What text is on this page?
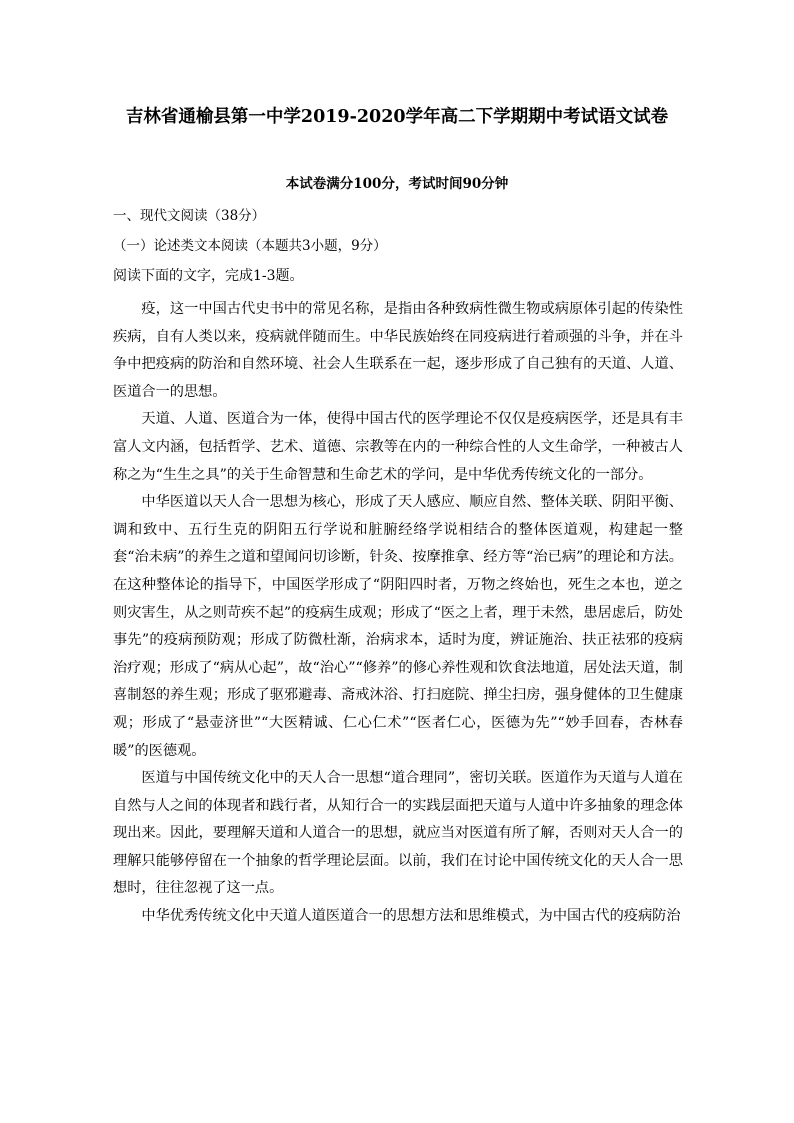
吉林省通榆县第一中学2019-2020学年高二下学期期中考试语文试卷
本试卷满分100分，考试时间90分钟
一、现代文阅读（38分）
（一）论述类文本阅读（本题共3小题，9分）
阅读下面的文字，完成1-3题。

疫，这一中国古代史书中的常见名称，是指由各种致病性微生物或病原体引起的传染性疾病，自有人类以来，疫病就伴随而生。中华民族始终在同疫病进行着顽强的斗争，并在斗争中把疫病的防治和自然环境、社会人生联系在一起，逐步形成了自己独有的天道、人道、医道合一的思想。

天道、人道、医道合为一体，使得中国古代的医学理论不仅仅是疫病医学，还是具有丰富人文内涵，包括哲学、艺术、道德、宗教等在内的一种综合性的人文生命学，一种被古人称之为“生生之具”的关于生命智慧和生命艺术的学问，是中华优秀传统文化的一部分。

中华医道以天人合一思想为核心，形成了天人感应、顺应自然、整体关联、阴阳平衡、调和致中、五行生克的阴阳五行学说和脏腑经络学说相结合的整体医道观，构建起一整套“治未病”的养生之道和望闻问切诊断，针灸、按摩推拿、经方等“治已病”的理论和方法。在这种整体论的指导下，中国医学形成了“阴阳四时者，万物之终始也，死生之本也，逆之则灾害生，从之则苛疾不起”的疫病生成观；形成了“医之上者，理于未然，患居虑后，防处事先”的疫病预防观；形成了防微杜渐，治病求本，适时为度，辨证施治、扶正祛邪的疫病治疗观；形成了“病从心起”，故“治心”“修养”的修心养性观和饮食法地道，居处法天道，制喜制怒的养生观；形成了驱邪避毒、斋戒沐浴、打扫庭院、掸尘扫房，强身健体的卫生健康观；形成了“悬壶济世”“大医精诚、仁心仁术”“医者仁心，医德为先”“妙手回春，杏林春暖”的医德观。

医道与中国传统文化中的天人合一思想“道合理同”，密切关联。医道作为天道与人道在自然与人之间的体现者和践行者，从知行合一的实践层面把天道与人道中许多抽象的理念体现出来。因此，要理解天道和人道合一的思想，就应当对医道有所了解，否则对天人合一的理解只能够停留在一个抽象的哲学理论层面。以前，我们在讨论中国传统文化的天人合一思想时，往往忽视了这一点。

中华优秀传统文化中天道人道医道合一的思想方法和思维模式，为中国古代的疫病防治
